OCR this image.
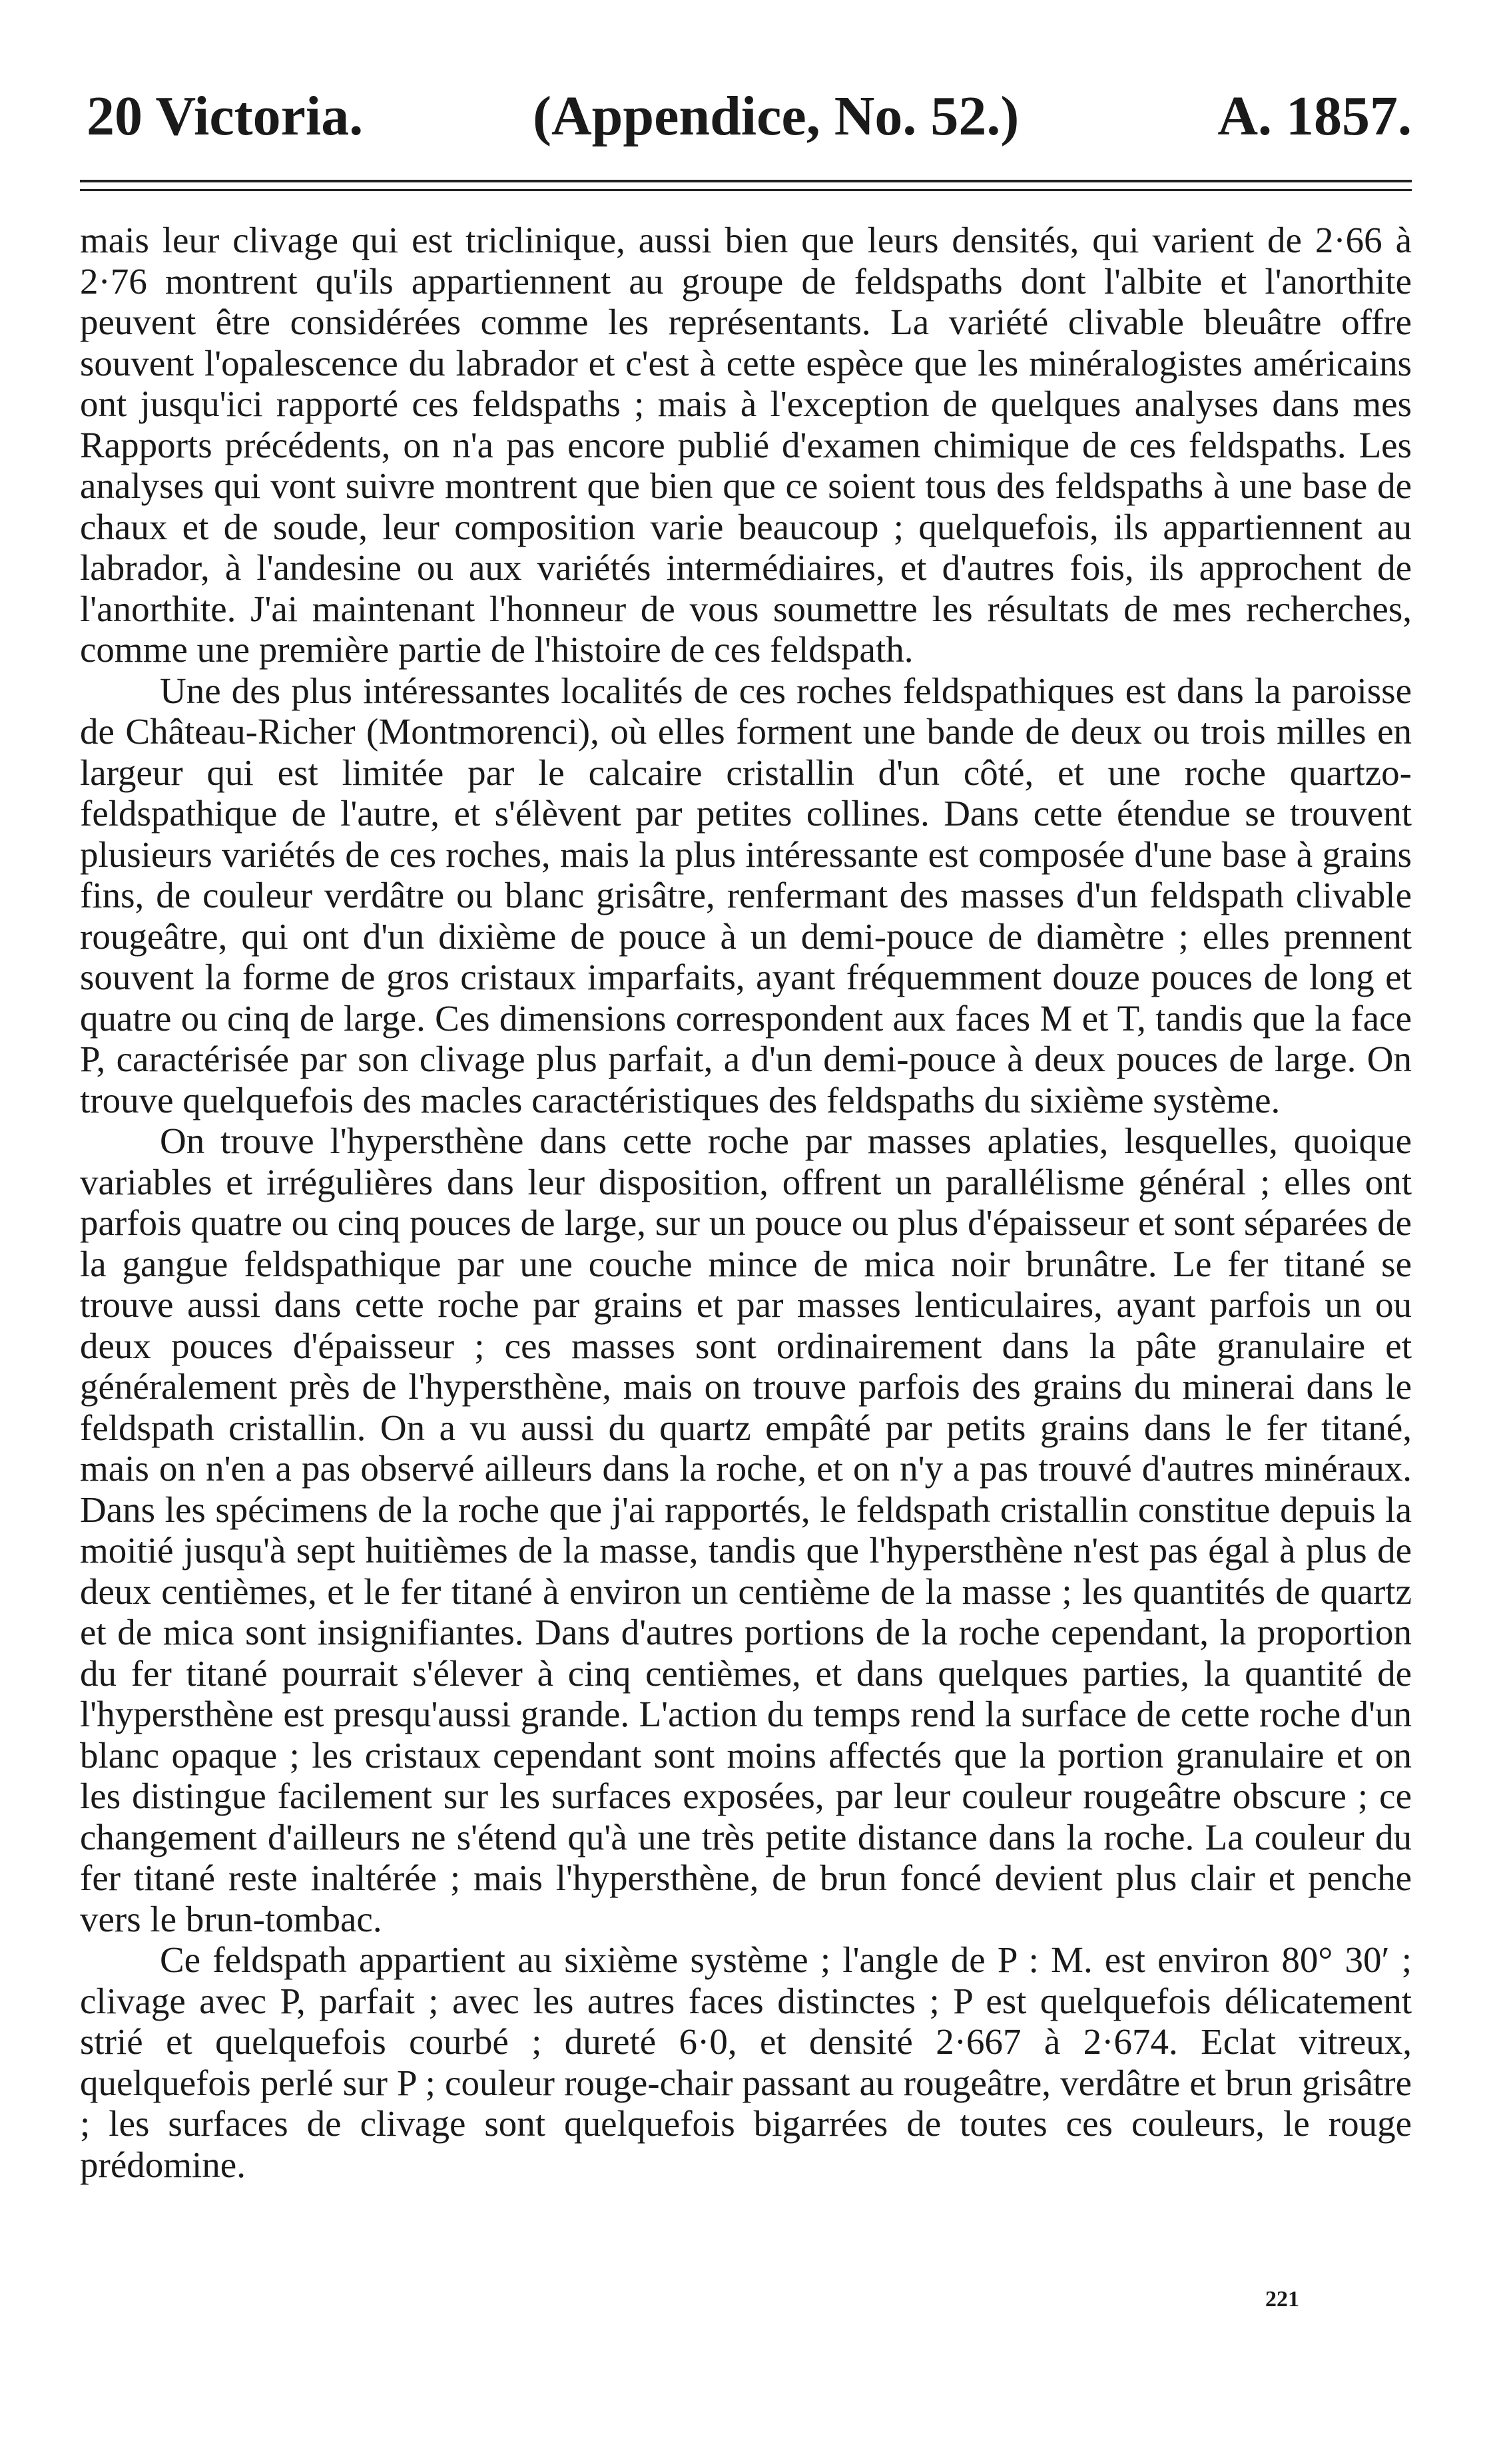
20 Victoria.	(Appendice, No. 52.)	A. 1857.

mais leur clivage qui est triclinique, aussi bien que leurs densités, qui varient de 2·66 à 2·76 montrent qu'ils appartiennent au groupe de feldspaths dont l'albite et l'anorthite peuvent être considérées comme les représentants. La variété clivable bleuâtre offre souvent l'opalescence du labrador et c'est à cette espèce que les minéralogistes américains ont jusqu'ici rapporté ces feldspaths ; mais à l'exception de quelques analyses dans mes Rapports précédents, on n'a pas encore publié d'examen chimique de ces feldspaths. Les analyses qui vont suivre montrent que bien que ce soient tous des feldspaths à une base de chaux et de soude, leur composition varie beaucoup ; quelquefois, ils appartiennent au labrador, à l'andesine ou aux variétés intermédiaires, et d'autres fois, ils approchent de l'anorthite. J'ai maintenant l'honneur de vous soumettre les résultats de mes recherches, comme une première partie de l'histoire de ces feldspath.

Une des plus intéressantes localités de ces roches feldspathiques est dans la paroisse de Château-Richer (Montmorenci), où elles forment une bande de deux ou trois milles en largeur qui est limitée par le calcaire cristallin d'un côté, et une roche quartzo-feldspathique de l'autre, et s'élèvent par petites collines. Dans cette étendue se trouvent plusieurs variétés de ces roches, mais la plus intéressante est composée d'une base à grains fins, de couleur verdâtre ou blanc grisâtre, renfermant des masses d'un feldspath clivable rougeâtre, qui ont d'un dixième de pouce à un demi-pouce de diamètre ; elles prennent souvent la forme de gros cristaux imparfaits, ayant fréquemment douze pouces de long et quatre ou cinq de large. Ces dimensions correspondent aux faces M et T, tandis que la face P, caractérisée par son clivage plus parfait, a d'un demi-pouce à deux pouces de large. On trouve quelquefois des macles caractéristiques des feldspaths du sixième système.

On trouve l'hypersthène dans cette roche par masses aplaties, lesquelles, quoique variables et irrégulières dans leur disposition, offrent un parallélisme général ; elles ont parfois quatre ou cinq pouces de large, sur un pouce ou plus d'épaisseur et sont séparées de la gangue feldspathique par une couche mince de mica noir brunâtre. Le fer titané se trouve aussi dans cette roche par grains et par masses lenticulaires, ayant parfois un ou deux pouces d'épaisseur ; ces masses sont ordinairement dans la pâte granulaire et généralement près de l'hypersthène, mais on trouve parfois des grains du minerai dans le feldspath cristallin. On a vu aussi du quartz empâté par petits grains dans le fer titané, mais on n'en a pas observé ailleurs dans la roche, et on n'y a pas trouvé d'autres minéraux. Dans les spécimens de la roche que j'ai rapportés, le feldspath cristallin constitue depuis la moitié jusqu'à sept huitièmes de la masse, tandis que l'hypersthène n'est pas égal à plus de deux centièmes, et le fer titané à environ un centième de la masse ; les quantités de quartz et de mica sont insignifiantes. Dans d'autres portions de la roche cependant, la proportion du fer titané pourrait s'élever à cinq centièmes, et dans quelques parties, la quantité de l'hypersthène est presqu'aussi grande. L'action du temps rend la surface de cette roche d'un blanc opaque ; les cristaux cependant sont moins affectés que la portion granulaire et on les distingue facilement sur les surfaces exposées, par leur couleur rougeâtre obscure ; ce changement d'ailleurs ne s'étend qu'à une très petite distance dans la roche. La couleur du fer titané reste inaltérée ; mais l'hypersthène, de brun foncé devient plus clair et penche vers le brun-tombac.

Ce feldspath appartient au sixième système ; l'angle de P : M. est environ 80° 30′ ; clivage avec P, parfait ; avec les autres faces distinctes ; P est quelquefois délicatement strié et quelquefois courbé ; dureté 6·0, et densité 2·667 à 2·674. Eclat vitreux, quelquefois perlé sur P ; couleur rouge-chair passant au rougeâtre, verdâtre et brun grisâtre ; les surfaces de clivage sont quelquefois bigarrées de toutes ces couleurs, le rouge prédomine.

221
